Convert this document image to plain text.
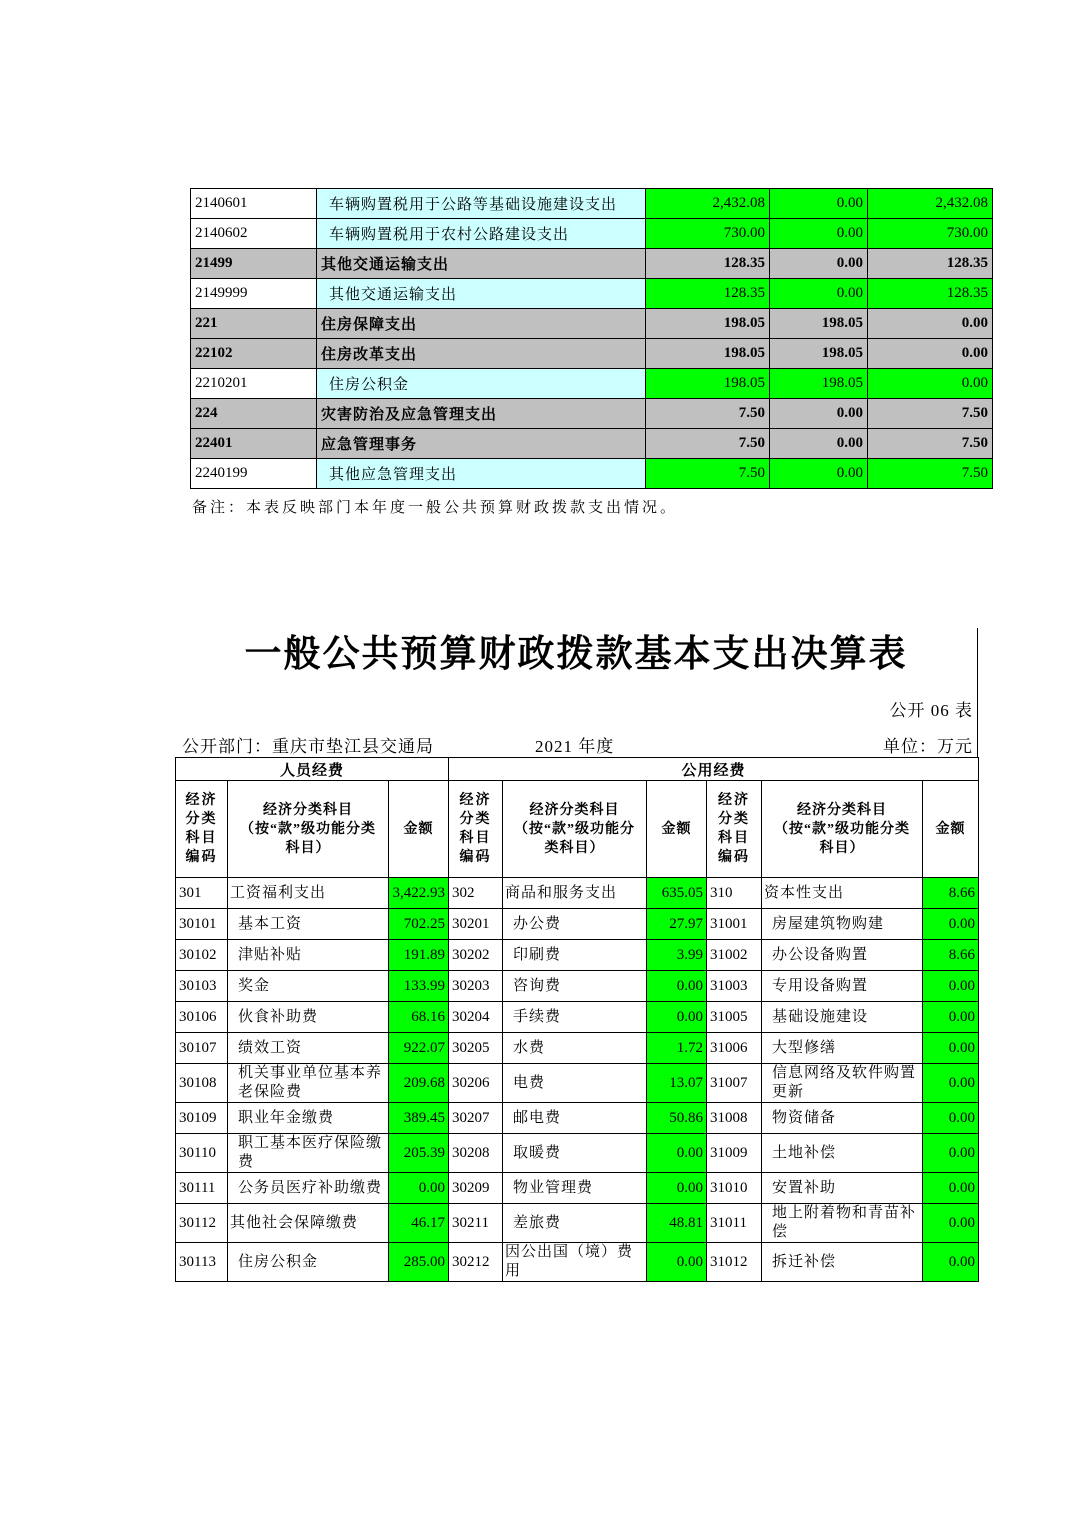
2140601	车辆购置税用于公路等基础设施建设支出	2,432.08	0.00	2,432.08
2140602	车辆购置税用于农村公路建设支出	730.00	0.00	730.00
21499	其他交通运输支出	128.35	0.00	128.35
2149999	其他交通运输支出	128.35	0.00	128.35
221	住房保障支出	198.05	198.05	0.00
22102	住房改革支出	198.05	198.05	0.00
2210201	住房公积金	198.05	198.05	0.00
224	灾害防治及应急管理支出	7.50	0.00	7.50
22401	应急管理事务	7.50	0.00	7.50
2240199	其他应急管理支出	7.50	0.00	7.50
备注：本表反映部门本年度一般公共预算财政拨款支出情况。
一般公共预算财政拨款基本支出决算表
公开 06 表
公开部门：重庆市垫江县交通局	2021 年度	单位：万元
人员经费			公用经费					
经济分类科目编码	经济分类科目（按“款”级功能分类科目）	金额	经济分类科目编码	经济分类科目（按“款”级功能分类科目）	金额	经济分类科目编码	经济分类科目（按“款”级功能分类科目）	金额
301	工资福利支出	3,422.93	302	商品和服务支出	635.05	310	资本性支出	8.66
30101	基本工资	702.25	30201	办公费	27.97	31001	房屋建筑物购建	0.00
30102	津贴补贴	191.89	30202	印刷费	3.99	31002	办公设备购置	8.66
30103	奖金	133.99	30203	咨询费	0.00	31003	专用设备购置	0.00
30106	伙食补助费	68.16	30204	手续费	0.00	31005	基础设施建设	0.00
30107	绩效工资	922.07	30205	水费	1.72	31006	大型修缮	0.00
30108	机关事业单位基本养老保险费	209.68	30206	电费	13.07	31007	信息网络及软件购置更新	0.00
30109	职业年金缴费	389.45	30207	邮电费	50.86	31008	物资储备	0.00
30110	职工基本医疗保险缴费	205.39	30208	取暖费	0.00	31009	土地补偿	0.00
30111	公务员医疗补助缴费	0.00	30209	物业管理费	0.00	31010	安置补助	0.00
30112	其他社会保障缴费	46.17	30211	差旅费	48.81	31011	地上附着物和青苗补偿	0.00
30113	住房公积金	285.00	30212	因公出国（境）费用	0.00	31012	拆迁补偿	0.00
